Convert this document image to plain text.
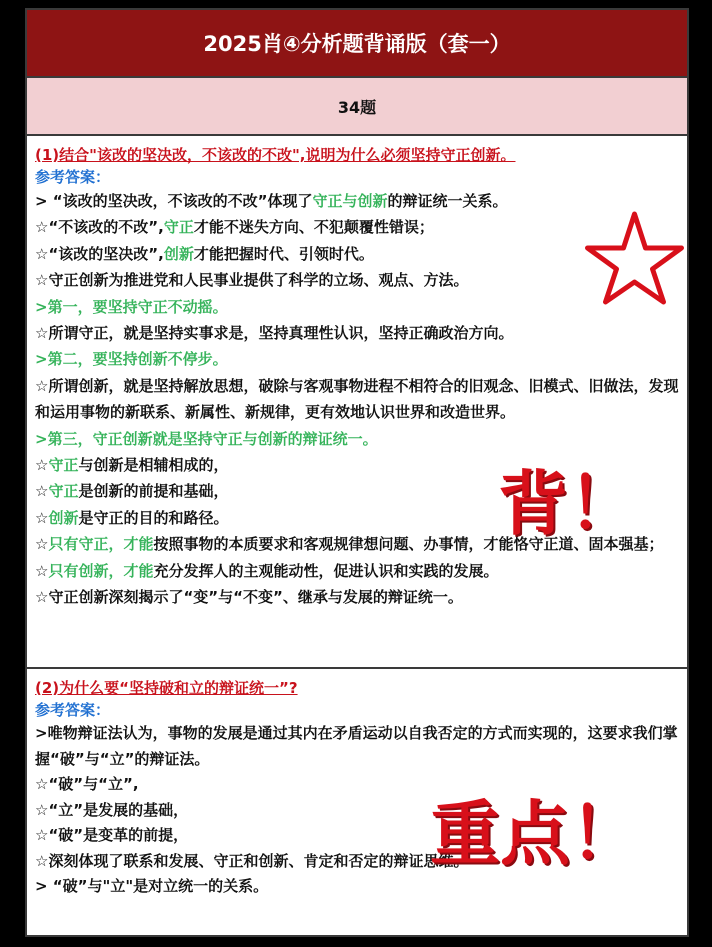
2025肖④分析题背诵版（套一）
34题
(1)结合"该改的坚决改，不该改的不改",说明为什么必须坚持守正创新。
参考答案：
> “该改的坚决改，不该改的不改”体现了守正与创新的辩证统一关系。
☆“不该改的不改”,守正才能不迷失方向、不犯颠覆性错误；
☆“该改的坚决改”,创新才能把握时代、引领时代。
☆守正创新为推进党和人民事业提供了科学的立场、观点、方法。
>第一，要坚持守正不动摇。
☆所谓守正，就是坚持实事求是，坚持真理性认识，坚持正确政治方向。
>第二，要坚持创新不停步。
☆所谓创新，就是坚持解放思想，破除与客观事物进程不相符合的旧观念、旧模式、旧做法，发现和运用事物的新联系、新属性、新规律，更有效地认识世界和改造世界。
>第三，守正创新就是坚持守正与创新的辩证统一。
☆守正与创新是相辅相成的，
☆守正是创新的前提和基础，
☆创新是守正的目的和路径。
☆只有守正，才能按照事物的本质要求和客观规律想问题、办事情，才能恪守正道、固本强基；
☆只有创新，才能充分发挥人的主观能动性，促进认识和实践的发展。
☆守正创新深刻揭示了“变”与“不变”、继承与发展的辩证统一。
(2)为什么要“坚持破和立的辩证统一”?
参考答案：
>唯物辩证法认为，事物的发展是通过其内在矛盾运动以自我否定的方式而实现的，这要求我们掌握“破”与“立”的辩证法。
☆“破”与“立”,
☆“立”是发展的基础，
☆“破”是变革的前提，
☆深刻体现了联系和发展、守正和创新、肯定和否定的辩证思维。
> “破”与"立"是对立统一的关系。
背！
重点！
